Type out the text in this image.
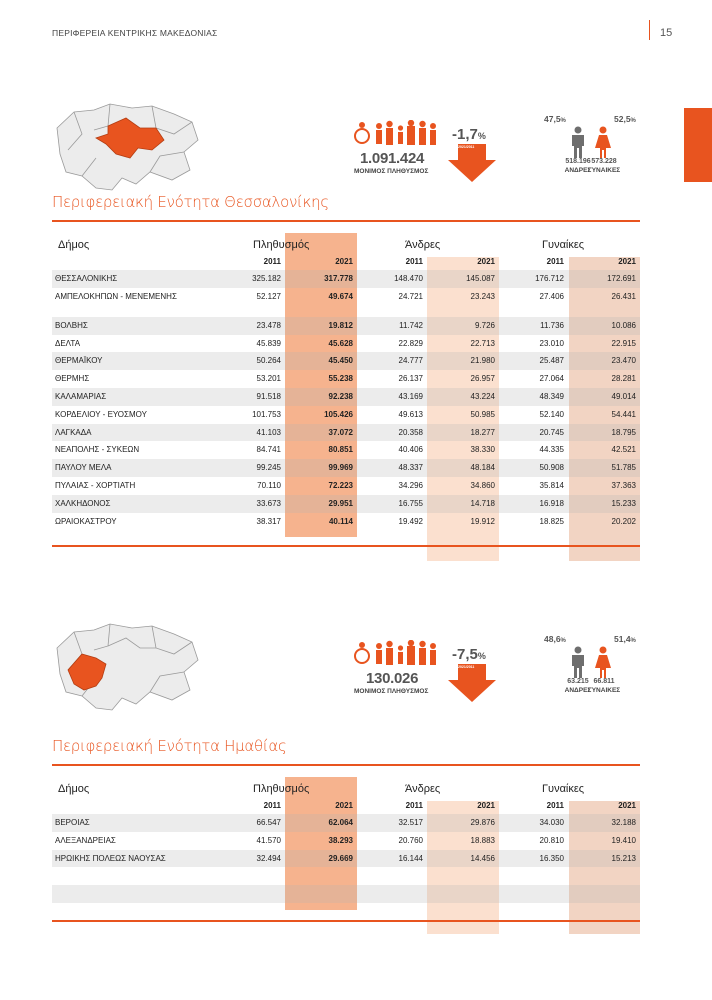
ΠΕΡΙΦΕΡΕΙΑ ΚΕΝΤΡΙΚΗΣ ΜΑΚΕΔΟΝΙΑΣ	15
1.091.424
ΜΟΝΙΜΟΣ ΠΛΗΘΥΣΜΟΣ
-1,7%
2021/2011
47,5%	52,5%
518.196 573.228
ΑΝΔΡΕΣ
ΓΥΝΑΙΚΕΣ
Περιφερειακή Ενότητα Θεσσαλονίκης
Δήμος	Πληθυσμός	Άνδρες	Γυναίκες
2011	2021	2011	2021	2011	2021
ΘΕΣΣΑΛΟΝΙΚΗΣ	325.182	317.778	148.470	145.087	176.712	172.691
ΑΜΠΕΛΟΚΗΠΩΝ - ΜΕΝΕΜΕΝΗΣ	52.127	49.674	24.721	23.243	27.406	26.431
ΒΟΛΒΗΣ	23.478	19.812	11.742	9.726	11.736	10.086
ΔΕΛΤΑ	45.839	45.628	22.829	22.713	23.010	22.915
ΘΕΡΜΑΪΚΟΥ	50.264	45.450	24.777	21.980	25.487	23.470
ΘΕΡΜΗΣ	53.201	55.238	26.137	26.957	27.064	28.281
ΚΑΛΑΜΑΡΙΑΣ	91.518	92.238	43.169	43.224	48.349	49.014
ΚΟΡΔΕΛΙΟΥ - ΕΥΟΣΜΟΥ	101.753	105.426	49.613	50.985	52.140	54.441
ΛΑΓΚΑΔΑ	41.103	37.072	20.358	18.277	20.745	18.795
ΝΕΑΠΟΛΗΣ - ΣΥΚΕΩΝ	84.741	80.851	40.406	38.330	44.335	42.521
ΠΑΥΛΟΥ ΜΕΛΑ	99.245	99.969	48.337	48.184	50.908	51.785
ΠΥΛΑΙΑΣ - ΧΟΡΤΙΑΤΗ	70.110	72.223	34.296	34.860	35.814	37.363
ΧΑΛΚΗΔΟΝΟΣ	33.673	29.951	16.755	14.718	16.918	15.233
ΩΡΑΙΟΚΑΣΤΡΟΥ	38.317	40.114	19.492	19.912	18.825	20.202
130.026
ΜΟΝΙΜΟΣ ΠΛΗΘΥΣΜΟΣ
-7,5%
2021/2011
48,6%	51,4%
63.215 66.811
ΑΝΔΡΕΣ
ΓΥΝΑΙΚΕΣ
Περιφερειακή Ενότητα Ημαθίας
Δήμος	Πληθυσμός	Άνδρες	Γυναίκες
2011	2021	2011	2021	2011	2021
ΒΕΡΟΙΑΣ	66.547	62.064	32.517	29.876	34.030	32.188
ΑΛΕΞΑΝΔΡΕΙΑΣ	41.570	38.293	20.760	18.883	20.810	19.410
ΗΡΩΙΚΗΣ ΠΟΛΕΩΣ ΝΑΟΥΣΑΣ	32.494	29.669	16.144	14.456	16.350	15.213
